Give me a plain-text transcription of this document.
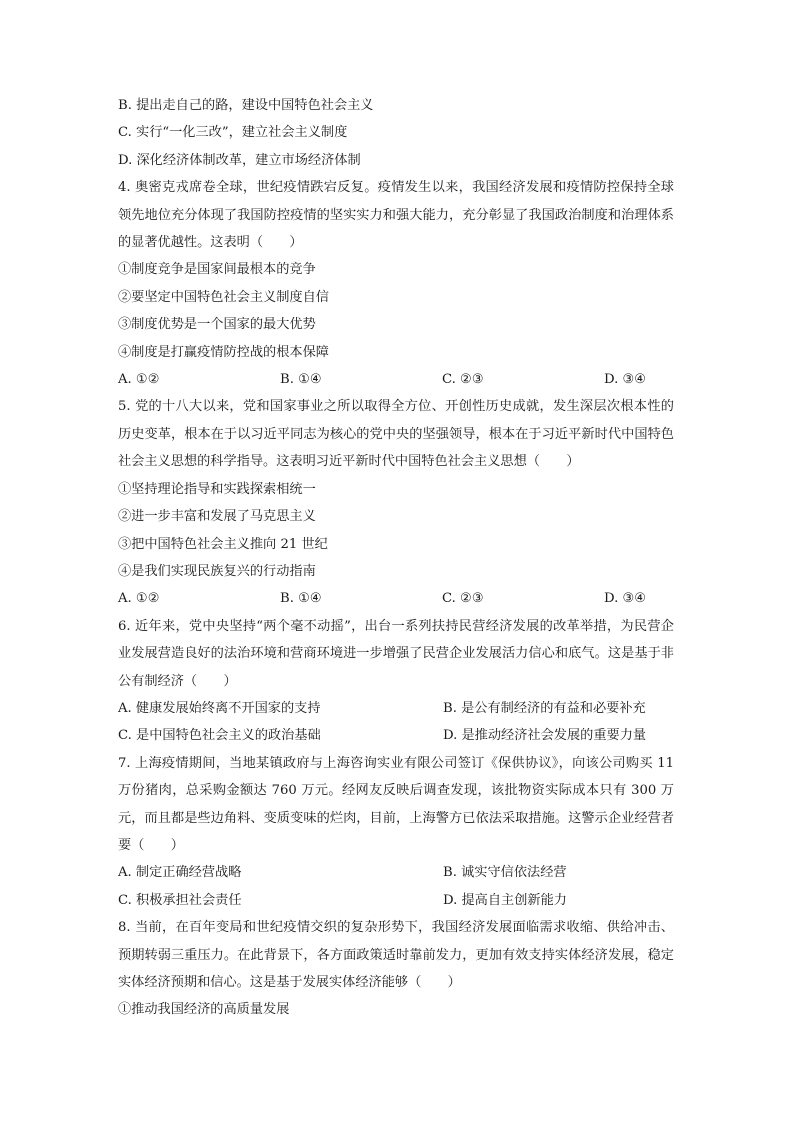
B. 提出走自己的路，建设中国特色社会主义
C. 实行“一化三改”，建立社会主义制度
D. 深化经济体制改革，建立市场经济体制
4. 奥密克戎席卷全球，世纪疫情跌宕反复。疫情发生以来，我国经济发展和疫情防控保持全球领先地位充分体现了我国防控疫情的坚实实力和强大能力，充分彰显了我国政治制度和治理体系的显著优越性。这表明（　　）
①制度竞争是国家间最根本的竞争
②要坚定中国特色社会主义制度自信
③制度优势是一个国家的最大优势
④制度是打赢疫情防控战的根本保障
A. ①②	B. ①④	C. ②③	D. ③④
5. 党的十八大以来，党和国家事业之所以取得全方位、开创性历史成就，发生深层次根本性的历史变革，根本在于以习近平同志为核心的党中央的坚强领导，根本在于习近平新时代中国特色社会主义思想的科学指导。这表明习近平新时代中国特色社会主义思想（　　）
①坚持理论指导和实践探索相统一
②进一步丰富和发展了马克思主义
③把中国特色社会主义推向 21 世纪
④是我们实现民族复兴的行动指南
A. ①②	B. ①④	C. ②③	D. ③④
6. 近年来，党中央坚持“两个毫不动摇”，出台一系列扶持民营经济发展的改革举措，为民营企业发展营造良好的法治环境和营商环境进一步增强了民营企业发展活力信心和底气。这是基于非公有制经济（　　）
A. 健康发展始终离不开国家的支持	B. 是公有制经济的有益和必要补充
C. 是中国特色社会主义的政治基础	D. 是推动经济社会发展的重要力量
7. 上海疫情期间，当地某镇政府与上海咨询实业有限公司签订《保供协议》，向该公司购买 11 万份猪肉，总采购金额达 760 万元。经网友反映后调查发现，该批物资实际成本只有 300 万元，而且都是些边角料、变质变味的烂肉，目前，上海警方已依法采取措施。这警示企业经营者要（　　）
A. 制定正确经营战略	B. 诚实守信依法经营
C. 积极承担社会责任	D. 提高自主创新能力
8. 当前，在百年变局和世纪疫情交织的复杂形势下，我国经济发展面临需求收缩、供给冲击、预期转弱三重压力。在此背景下，各方面政策适时靠前发力，更加有效支持实体经济发展，稳定实体经济预期和信心。这是基于发展实体经济能够（　　）
①推动我国经济的高质量发展
